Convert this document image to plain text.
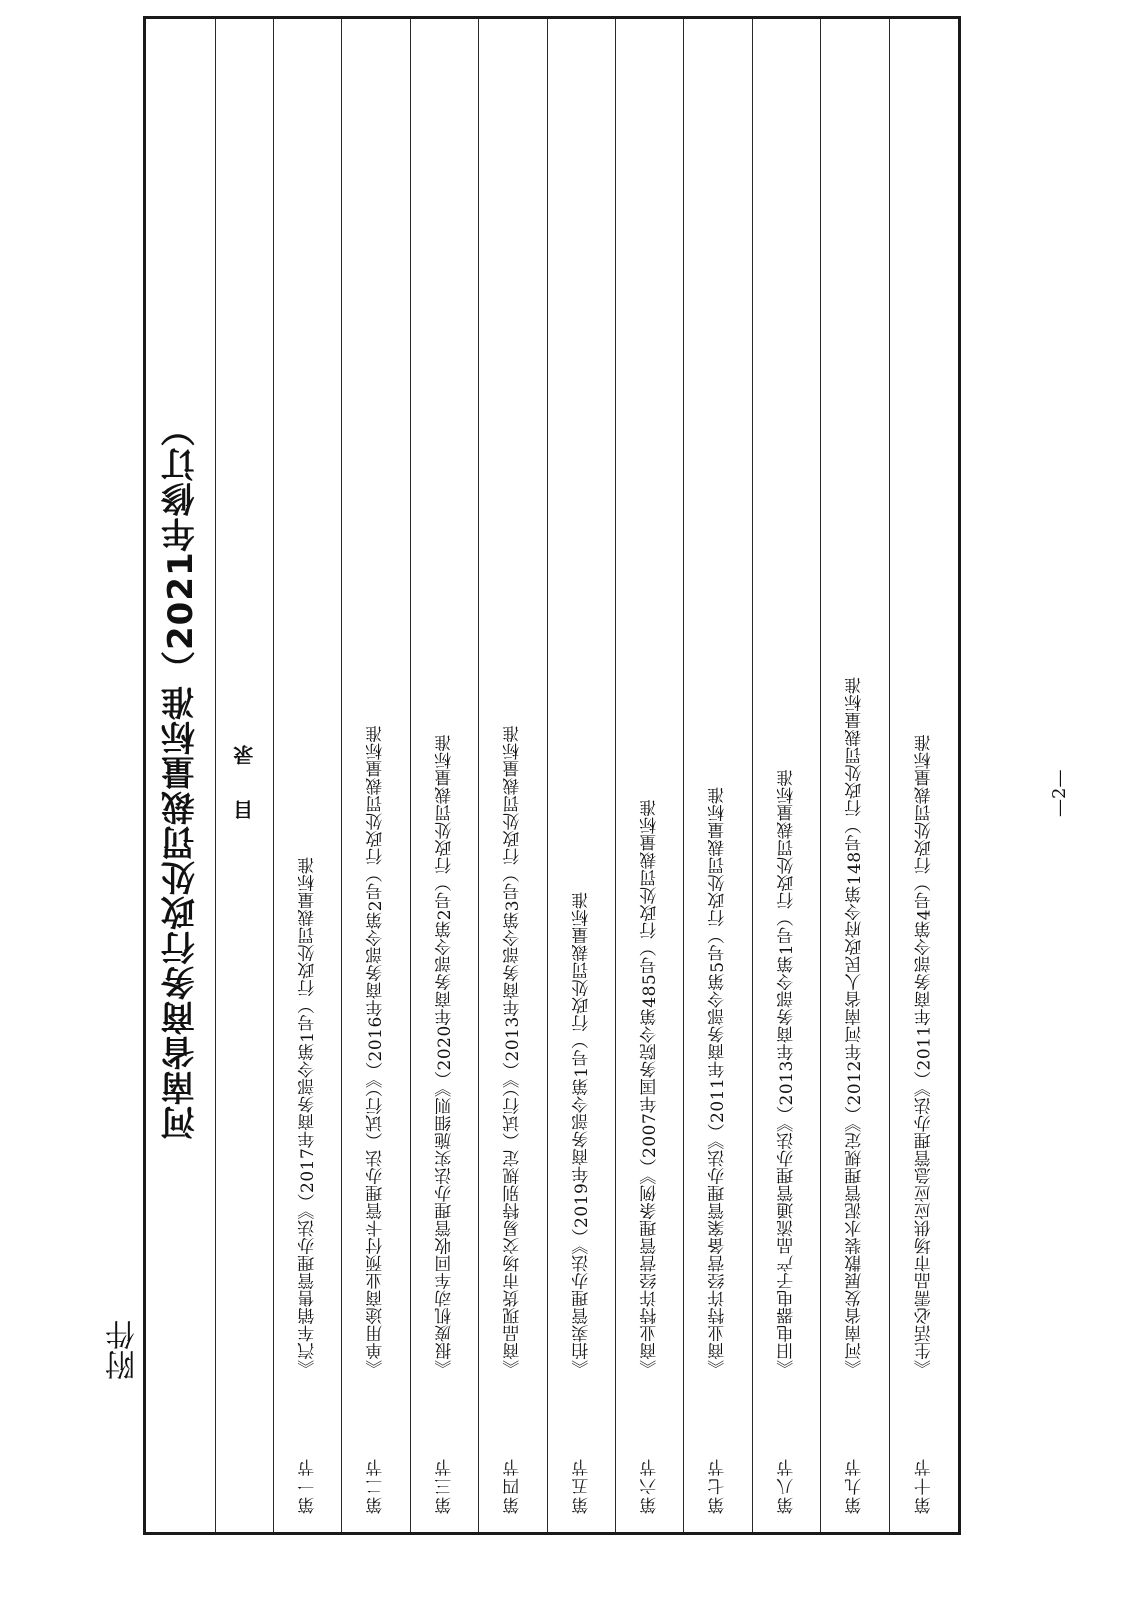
附件
河南省商务行政处罚裁量标准（2021年修订）	目 录
第一节
《汽车销售管理办法》（2017年商务部令第1号）行政处罚裁量标准
第二节
《单用途商业预付卡管理办法（试行）》（2016年商务部令第2号）行政处罚裁量标准
第三节
《报废机动车回收管理办法实施细则》（2020年商务部令第2号）行政处罚裁量标准
第四节
《商品现货市场交易特别规定（试行）》（2013年商务部令第3号）行政处罚裁量标准
第五节
《拍卖管理办法》（2019年商务部令第1号）行政处罚裁量标准
第六节
《商业特许经营管理条例》（2007年国务院令第485号）行政处罚裁量标准
第七节
《商业特许经营备案管理办法》（2011年商务部令第5号）行政处罚裁量标准
第八节
《旧电器电子产品流通管理办法》（2013年商务部令第1号）行政处罚裁量标准
第九节
《河南省发展散装水泥管理规定》（2012年河南省人民政府令第148号）行政处罚裁量标准
第十节
《生活必需品市场供应应急管理办法》（2011年商务部令第4号）行政处罚裁量标准	—2—
